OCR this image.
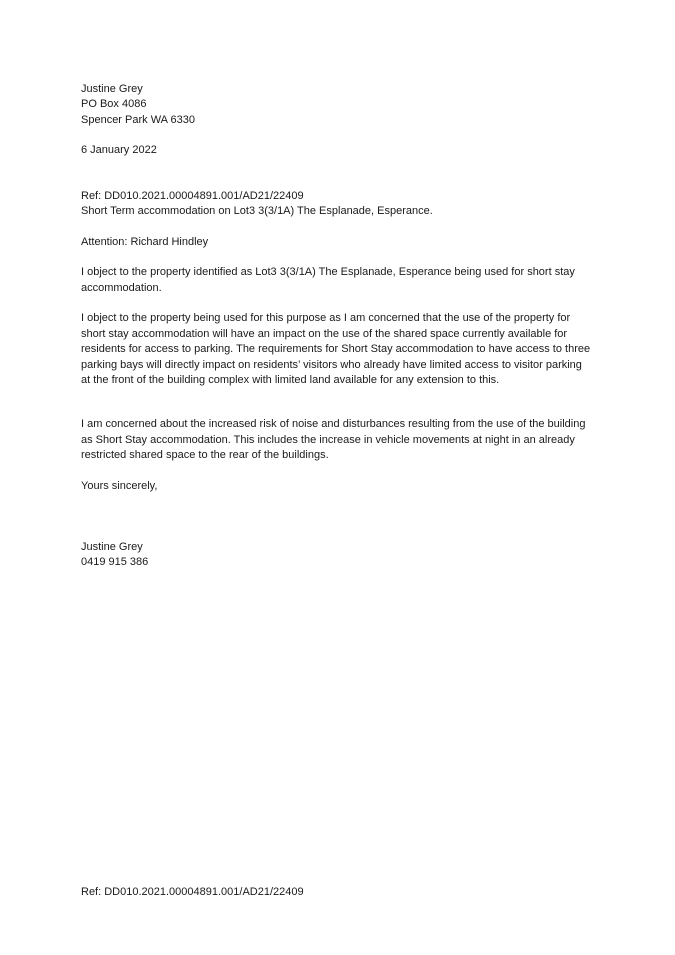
Justine Grey

PO Box 4086

Spencer Park WA 6330

6 January 2022

Ref: DD010.2021.00004891.001/AD21/22409

Short Term accommodation on Lot3 3(3/1A) The Esplanade, Esperance.

Attention: Richard Hindley

I object to the property identified as Lot3 3(3/1A) The Esplanade, Esperance being used for short stay accommodation.

I object to the property being used for this purpose as I am concerned that the use of the property for short stay accommodation will have an impact on the use of the shared space currently available for residents for access to parking. The requirements for Short Stay accommodation to have access to three parking bays will directly impact on residents’ visitors who already have limited access to visitor parking at the front of the building complex with limited land available for any extension to this.

I am concerned about the increased risk of noise and disturbances resulting from the use of the building as Short Stay accommodation. This includes the increase in vehicle movements at night in an already restricted shared space to the rear of the buildings.

Yours sincerely,

Justine Grey

0419 915 386

Ref: DD010.2021.00004891.001/AD21/22409
